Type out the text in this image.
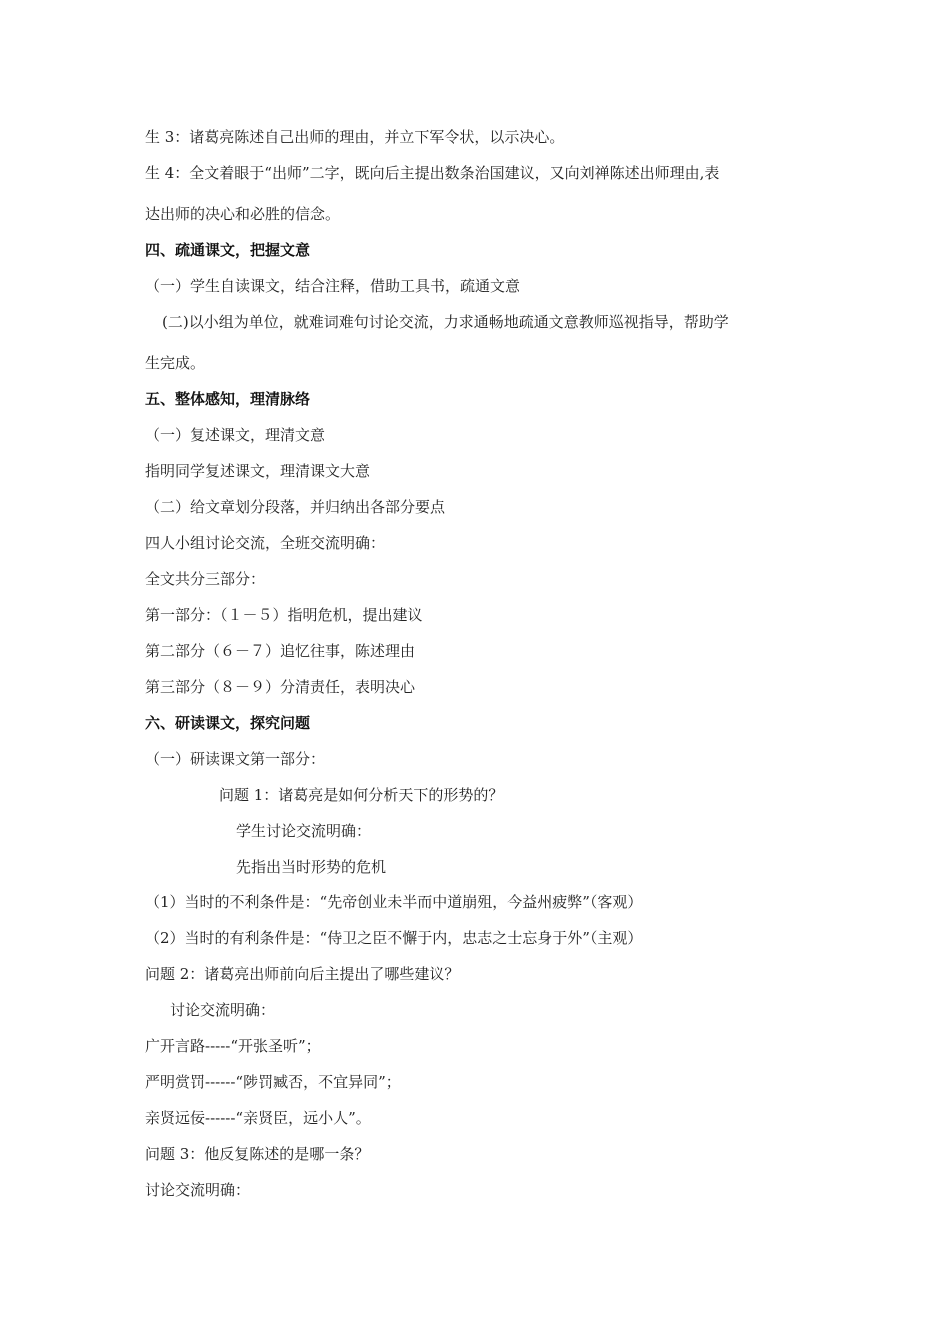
生 3：诸葛亮陈述自己出师的理由，并立下军令状，以示决心。
生 4：全文着眼于“出师”二字，既向后主提出数条治国建议，又向刘禅陈述出师理由,表
达出师的决心和必胜的信念。
四、疏通课文，把握文意
（一）学生自读课文，结合注释，借助工具书，疏通文意
(二)以小组为单位，就难词难句讨论交流，力求通畅地疏通文意教师巡视指导，帮助学
生完成。
五、整体感知，理清脉络
（一）复述课文，理清文意
指明同学复述课文，理清课文大意
（二）给文章划分段落，并归纳出各部分要点
四人小组讨论交流，全班交流明确：
全文共分三部分：
第一部分：（１－５）指明危机，提出建议
第二部分（６－７）追忆往事，陈述理由
第三部分（８－９）分清责任，表明决心
六、研读课文，探究问题
（一）研读课文第一部分：
问题 1：诸葛亮是如何分析天下的形势的？
学生讨论交流明确：
先指出当时形势的危机
（1）当时的不利条件是：“先帝创业未半而中道崩殂，今益州疲弊”（客观）
（2）当时的有利条件是：“侍卫之臣不懈于内，忠志之士忘身于外”（主观）
问题 2：诸葛亮出师前向后主提出了哪些建议？
讨论交流明确：
广开言路-----“开张圣听”；
严明赏罚------“陟罚臧否，不宜异同”；
亲贤远佞------“亲贤臣，远小人”。
问题 3：他反复陈述的是哪一条？
讨论交流明确：
